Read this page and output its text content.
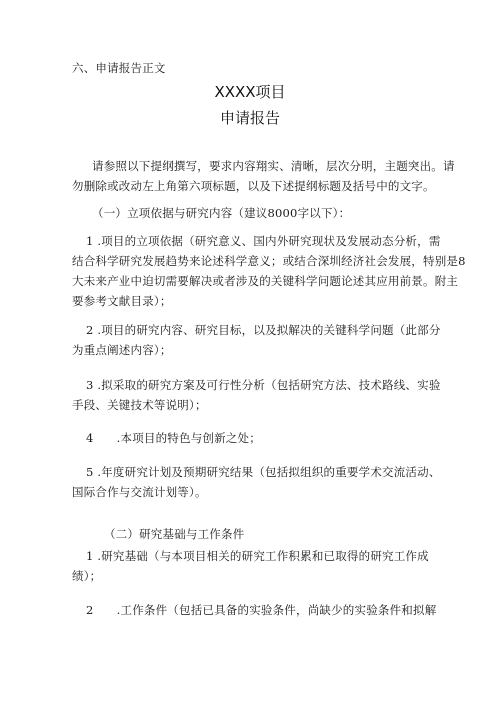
六、申请报告正文
XXXX项目
申请报告
请参照以下提纲撰写，要求内容翔实、清晰，层次分明，主题突出。请
勿删除或改动左上角第六项标题，以及下述提纲标题及括号中的文字。
（一）立项依据与研究内容（建议8000字以下）：
1 .项目的立项依据（研究意义、国内外研究现状及发展动态分析，需
结合科学研究发展趋势来论述科学意义；或结合深圳经济社会发展，特别是8
大未来产业中迫切需要解决或者涉及的关键科学问题论述其应用前景。附主
要参考文献目录）；
2 .项目的研究内容、研究目标，以及拟解决的关键科学问题（此部分
为重点阐述内容）；
3 .拟采取的研究方案及可行性分析（包括研究方法、技术路线、实验
手段、关键技术等说明）；
4      .本项目的特色与创新之处；
5 .年度研究计划及预期研究结果（包括拟组织的重要学术交流活动、
国际合作与交流计划等）。
（二）研究基础与工作条件
1 .研究基础（与本项目相关的研究工作积累和已取得的研究工作成
绩）；
2      .工作条件（包括已具备的实验条件，尚缺少的实验条件和拟解
